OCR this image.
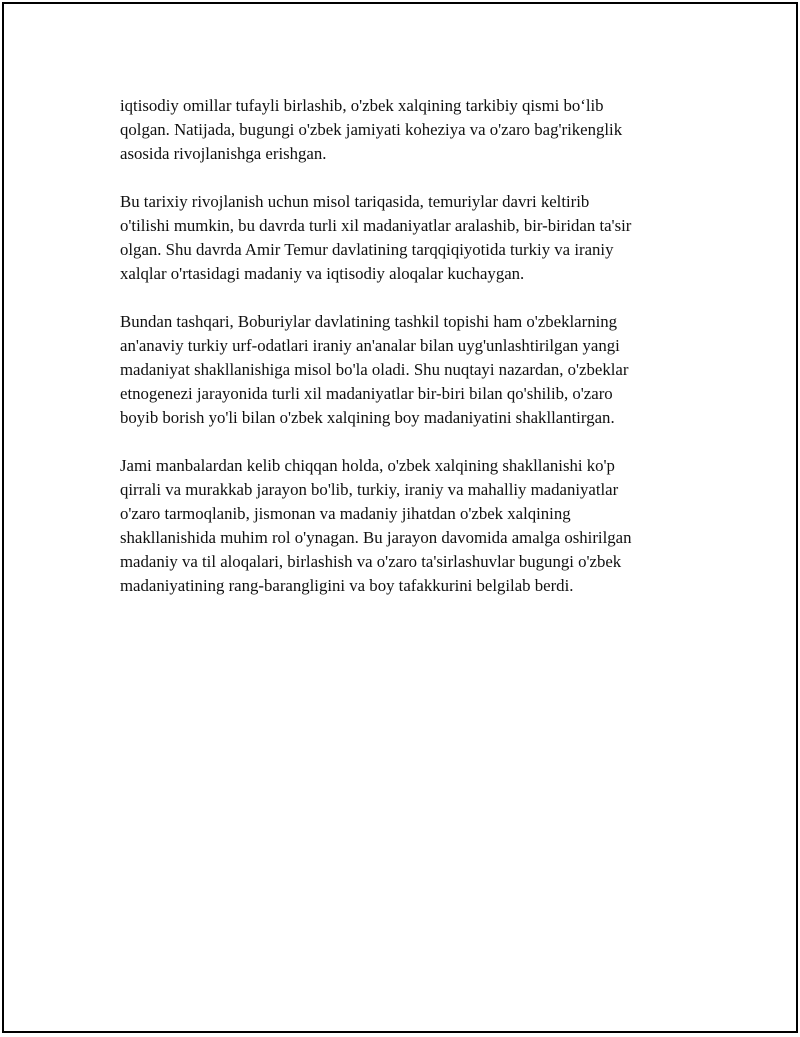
iqtisodiy omillar tufayli birlashib, o'zbek xalqining tarkibiy qismi bo‘lib
qolgan. Natijada, bugungi o'zbek jamiyati koheziya va o'zaro bag'rikenglik
asosida rivojlanishga erishgan.

Bu tarixiy rivojlanish uchun misol tariqasida, temuriylar davri keltirib
o'tilishi mumkin, bu davrda turli xil madaniyatlar aralashib, bir-biridan ta'sir
olgan. Shu davrda Amir Temur davlatining tarqqiqiyotida turkiy va iraniy
xalqlar o'rtasidagi madaniy va iqtisodiy aloqalar kuchaygan.

Bundan tashqari, Boburiylar davlatining tashkil topishi ham o'zbeklarning
an'anaviy turkiy urf-odatlari iraniy an'analar bilan uyg'unlashtirilgan yangi
madaniyat shakllanishiga misol bo'la oladi. Shu nuqtayi nazardan, o'zbeklar
etnogenezi jarayonida turli xil madaniyatlar bir-biri bilan qo'shilib, o'zaro
boyib borish yo'li bilan o'zbek xalqining boy madaniyatini shakllantirgan.

Jami manbalardan kelib chiqqan holda, o'zbek xalqining shakllanishi ko'p
qirrali va murakkab jarayon bo'lib, turkiy, iraniy va mahalliy madaniyatlar
o'zaro tarmoqlanib, jismonan va madaniy jihatdan o'zbek xalqining
shakllanishida muhim rol o'ynagan. Bu jarayon davomida amalga oshirilgan
madaniy va til aloqalari, birlashish va o'zaro ta'sirlashuvlar bugungi o'zbek
madaniyatining rang-barangligini va boy tafakkurini belgilab berdi.
